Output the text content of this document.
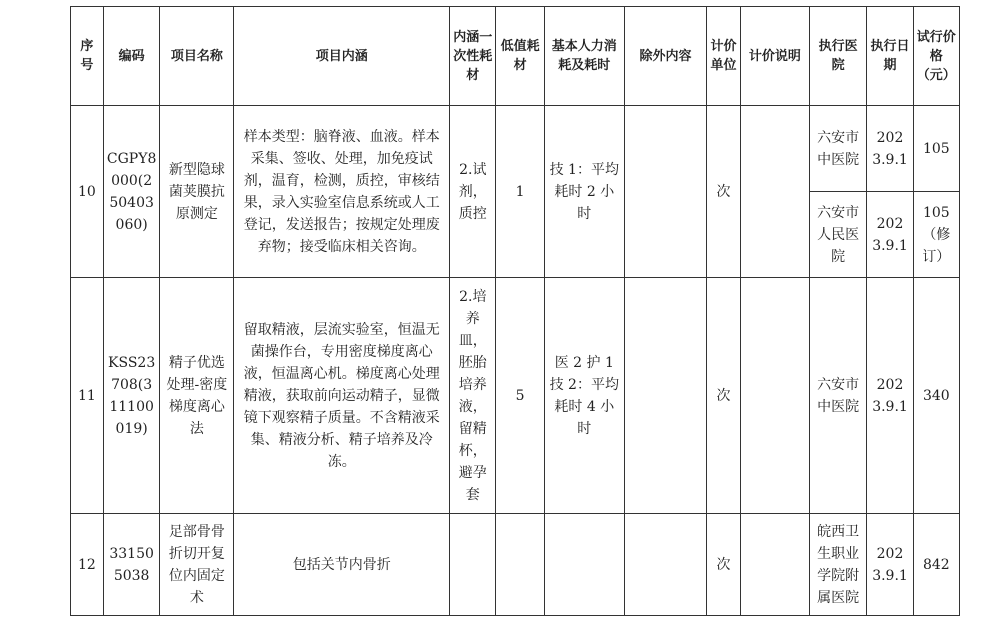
序号	编码	项目名称	项目内涵	内涵一次性耗材	低值耗材	基本人力消耗及耗时	除外内容	计价单位	计价说明	执行医院	执行日期	试行价格（元）
10	CGPY8000(250403060)	新型隐球菌荚膜抗原测定	样本类型：脑脊液、血液。样本采集、签收、处理，加免疫试剂，温育，检测，质控，审核结果，录入实验室信息系统或人工登记，发送报告；按规定处理废弃物；接受临床相关咨询。	2.试剂，质控	1	技 1：平均耗时 2 小时		次		六安市中医院	2023.9.1	105
										六安市人民医院	2023.9.1	105（修订）
11	KSS23708(311100019)	精子优选处理-密度梯度离心法	留取精液，层流实验室，恒温无菌操作台，专用密度梯度离心液，恒温离心机。梯度离心处理精液，获取前向运动精子，显微镜下观察精子质量。不含精液采集、精液分析、精子培养及冷冻。	2.培养皿，胚胎培养液，留精杯，避孕套	5	医 2 护 1 技 2：平均耗时 4 小时		次		六安市中医院	2023.9.1	340
12	331505038	足部骨骨折切开复位内固定术	包括关节内骨折					次		皖西卫生职业学院附属医院	2023.9.1	842
